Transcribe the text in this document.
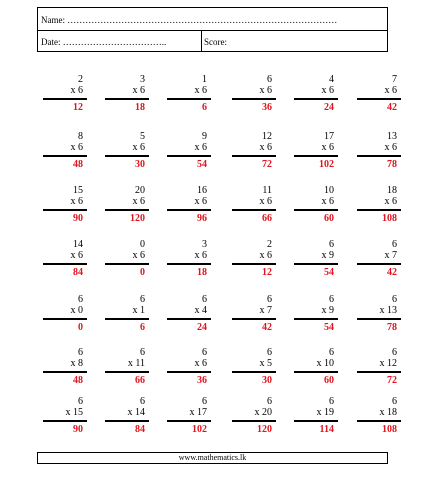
Name: ………………………………………………………………………………
Date: ……………………………..	Score:
2
x 6
12
3
x 6
18
1
x 6
6
6
x 6
36
4
x 6
24
7
x 6
42
8
x 6
48
5
x 6
30
9
x 6
54
12
x 6
72
17
x 6
102
13
x 6
78
15
x 6
90
20
x 6
120
16
x 6
96
11
x 6
66
10
x 6
60
18
x 6
108
14
x 6
84
0
x 6
0
3
x 6
18
2
x 6
12
6
x 9
54
6
x 7
42
6
x 0
0
6
x 1
6
6
x 4
24
6
x 7
42
6
x 9
54
6
x 13
78
6
x 8
48
6
x 11
66
6
x 6
36
6
x 5
30
6
x 10
60
6
x 12
72
6
x 15
90
6
x 14
84
6
x 17
102
6
x 20
120
6
x 19
114
6
x 18
108
www.mathematics.lk
